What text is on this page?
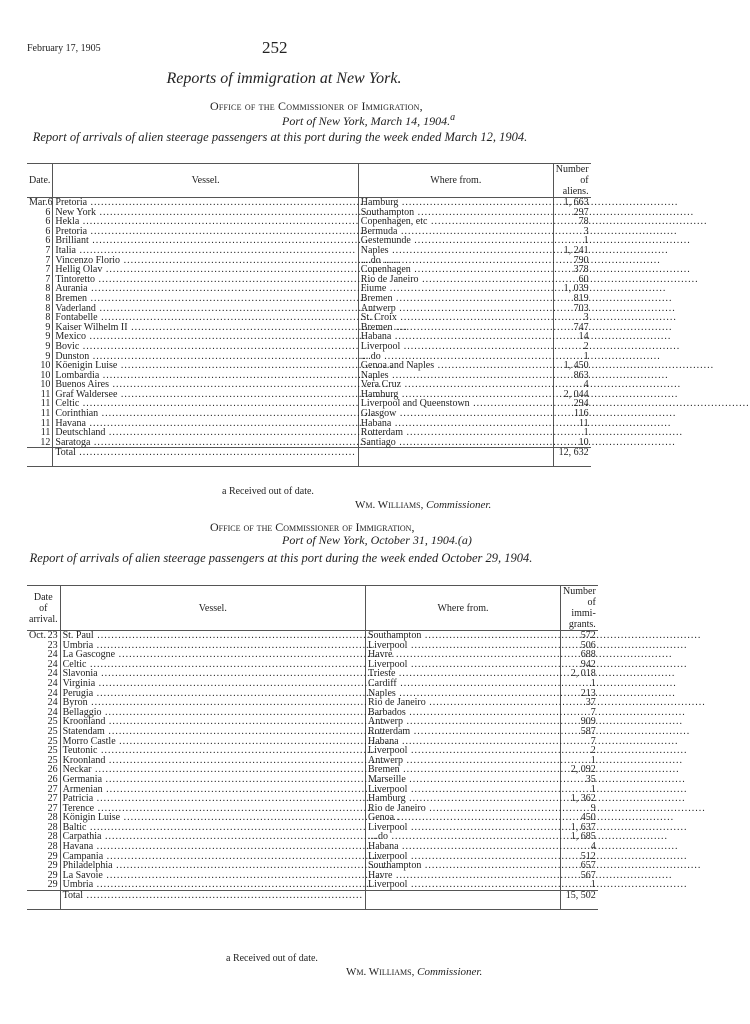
February 17, 1905	252
Reports of immigration at New York.
Office of the Commissioner of Immigration,
Port of New York, March 14, 1904.$^a$
Report of arrivals of alien steerage passengers at this port during the week ended March 12, 1904.
Date.	Vessel.	Where from.	Number of aliens.

Mar. 6	Pretoria .....	Hamburg .....	1, 663
6	New York .....	Southampton .....	297
6	Hekla .....	Copenhagen, etc .....	78
6	Pretoria .....	Bermuda .....	3
6	Brilliant .....	Gestemunde .....	1
7	Italia .....	Naples .....	1, 241
7	Vincenzo Florio .....	....do .....	790
7	Hellig Olav .....	Copenhagen .....	378
7	Tintoretto .....	Rio de Janeiro .....	60
8	Aurania .....	Fiume .....	1, 039
8	Bremen .....	Bremen .....	819
8	Vaderland .....	Antwerp .....	703
8	Fontabelle .....	St. Croix .....	3
9	Kaiser Wilhelm II .....	Bremen .....	747
9	Mexico .....	Habana .....	14
9	Bovic .....	Liverpool .....	2
9	Dunston .....	....do .....	1
10	Köenigin Luise .....	Genoa and Naples .....	1, 450
10	Lombardia .....	Naples .....	863
10	Buenos Aires .....	Vera Cruz .....	4
11	Graf Waldersee .....	Hamburg .....	2, 044
11	Celtic .....	Liverpool and Queenstown .....	294
11	Corinthian .....	Glasgow .....	116
11	Havana .....	Habana .....	11
11	Deutschland .....	Rotterdam .....	1
12	Saratoga .....	Santiago .....	10
	Total .....		12, 632
a Received out of date.
Wm. Williams, Commissioner.
Office of the Commissioner of Immigration,
Port of New York, October 31, 1904.(a)
Report of arrivals of alien steerage passengers at this port during the week ended October 29, 1904.
Date of arrival.	Vessel.	Where from.	Number of immi-grants.

Oct. 23	St. Paul .....	Southampton .....	572
23	Umbria .....	Liverpool .....	506
24	La Gascogne .....	Havre .....	688
24	Celtic .....	Liverpool .....	942
24	Slavonia .....	Trieste .....	2, 018
24	Virginia .....	Cardiff .....	1
24	Perugia .....	Naples .....	213
24	Byron .....	Rio de Janeiro .....	37
24	Bellaggio .....	Barbados .....	7
25	Kroonland .....	Antwerp .....	909
25	Statendam .....	Rotterdam .....	587
25	Morro Castle .....	Habana .....	7
25	Teutonic .....	Liverpool .....	2
25	Kroonland .....	Antwerp .....	1
26	Neckar .....	Bremen .....	2, 092
26	Germania .....	Marseille .....	35
27	Armenian .....	Liverpool .....	1
27	Patricia .....	Hamburg .....	1, 362
27	Terence .....	Rio de Janeiro .....	9
28	Königin Luise .....	Genoa .....	450
28	Baltic .....	Liverpool .....	1, 637
28	Carpathia .....	....do .....	1, 685
28	Havana .....	Habana .....	4
29	Campania .....	Liverpool .....	512
29	Philadelphia .....	Southampton .....	657
29	La Savoie .....	Havre .....	567
29	Umbria .....	Liverpool .....	1
	Total .....		15, 502
a Received out of date.
Wm. Williams, Commissioner.
